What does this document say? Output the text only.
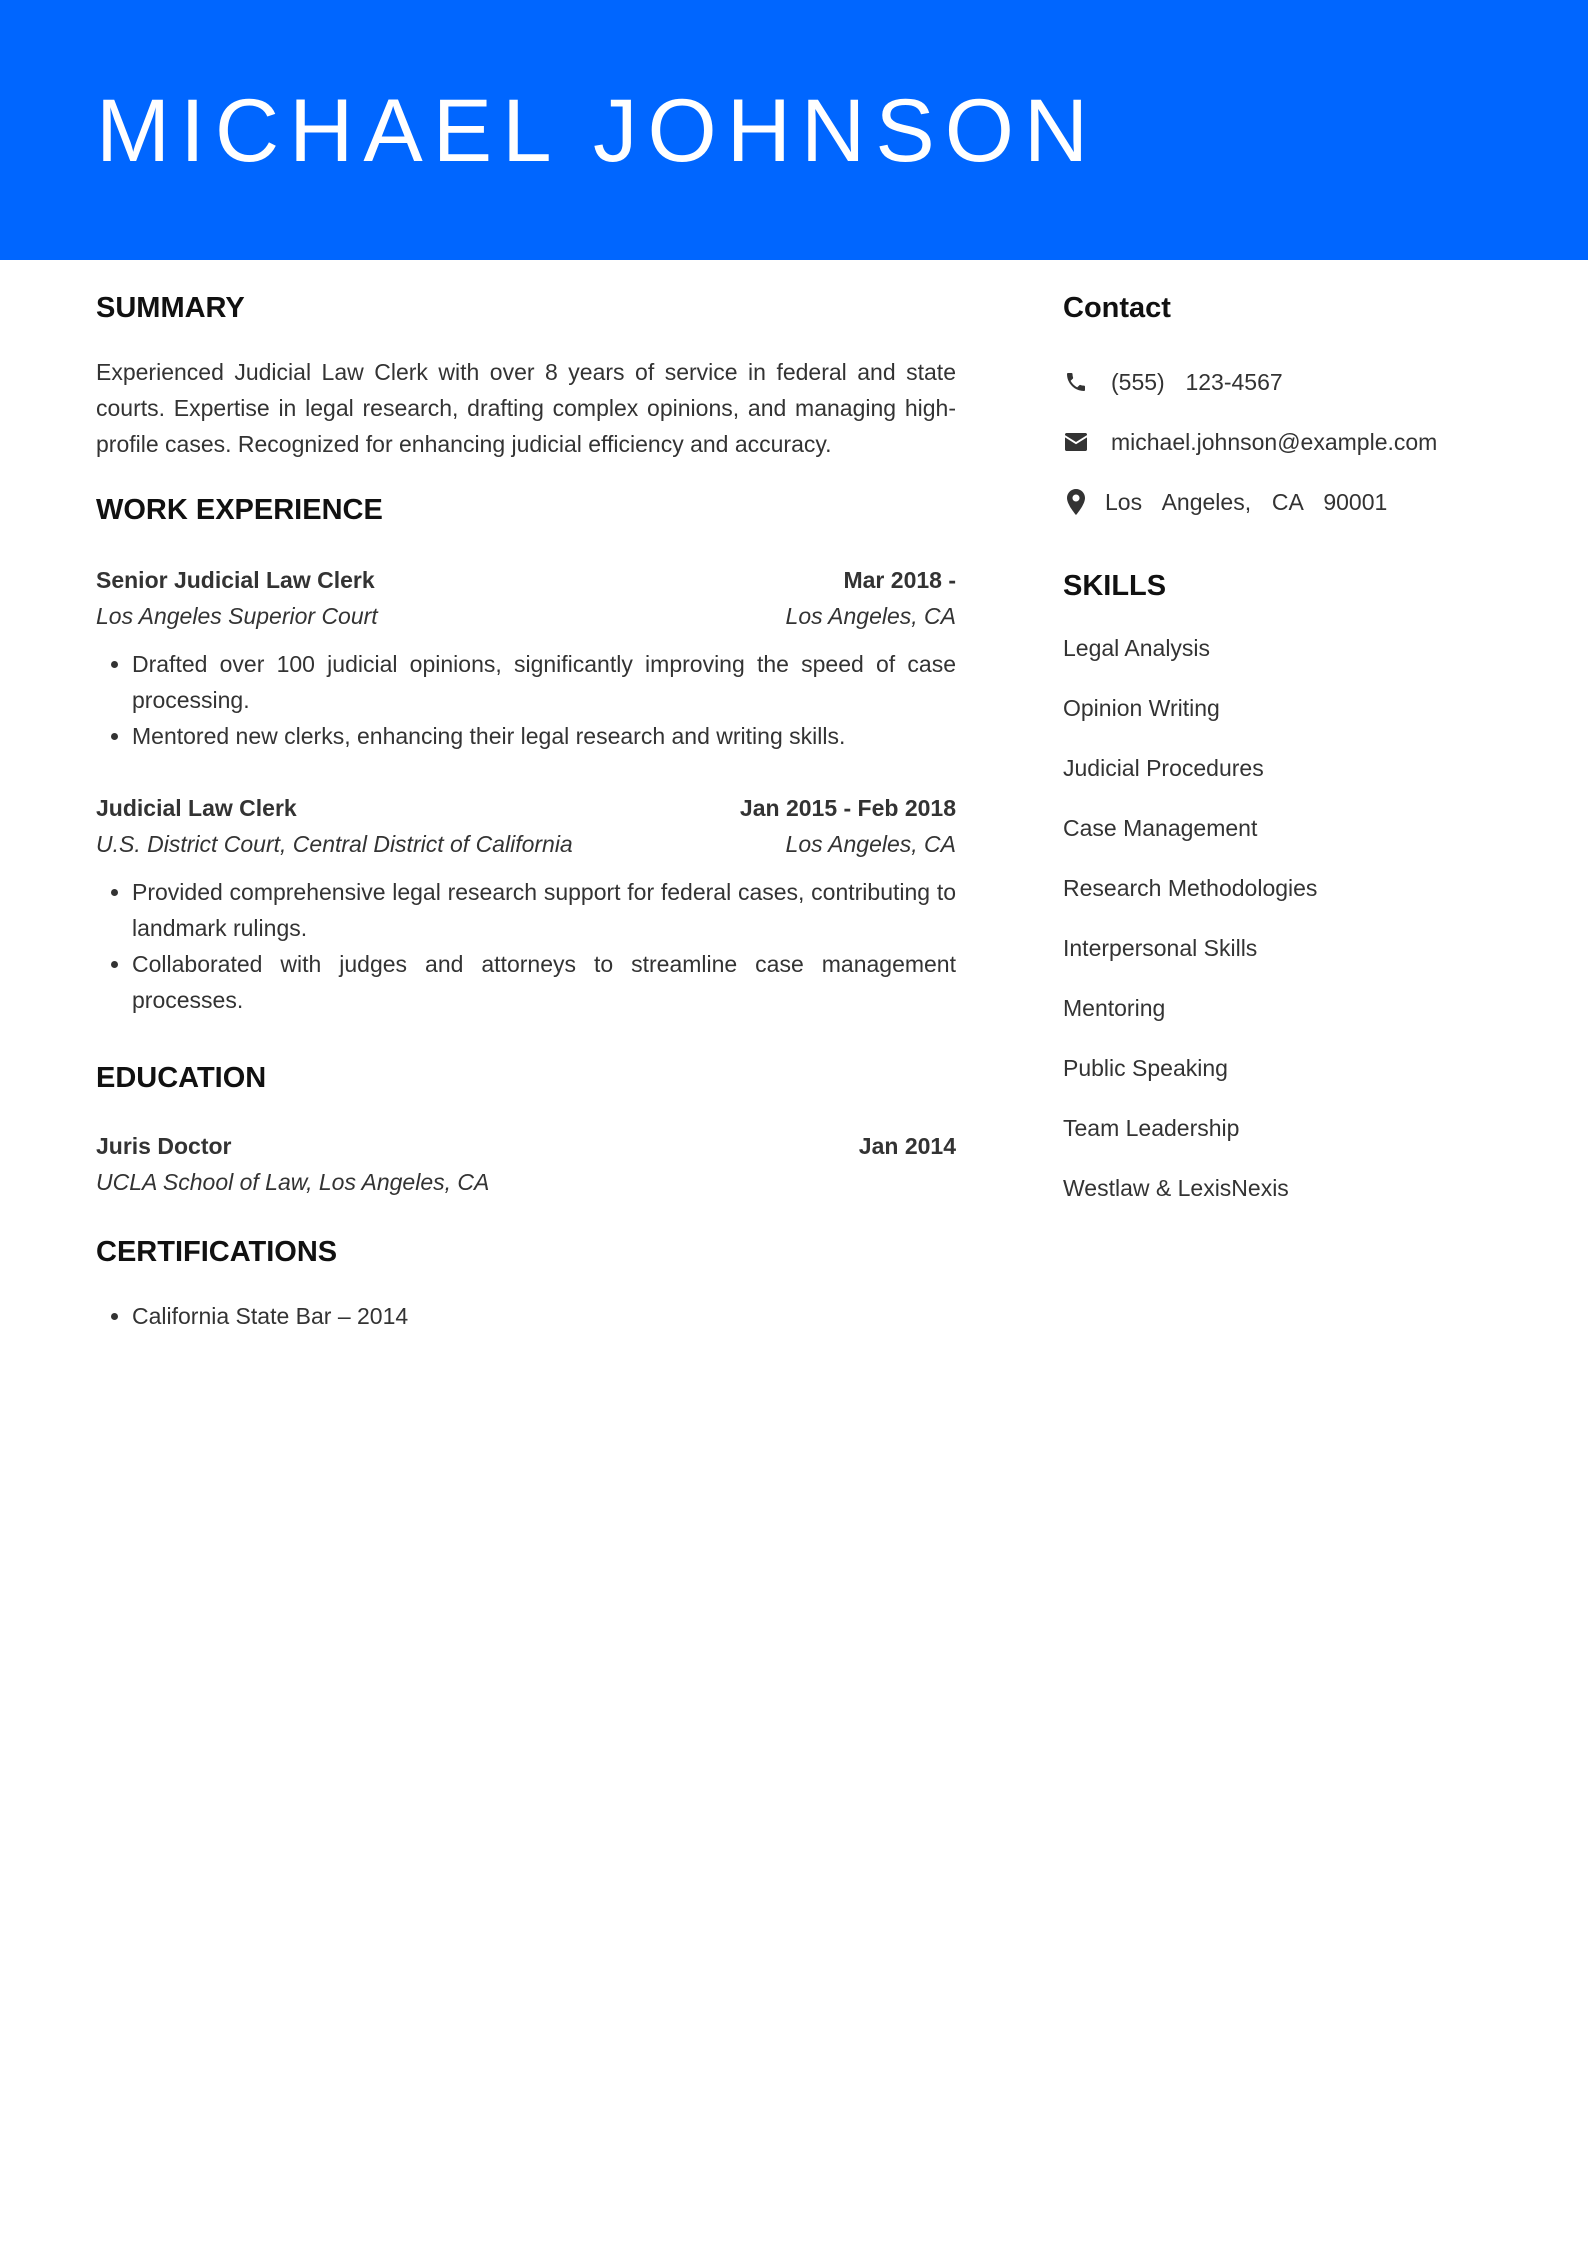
MICHAEL JOHNSON
SUMMARY

Experienced Judicial Law Clerk with over 8 years of service in federal and state courts. Expertise in legal research, drafting complex opinions, and managing high-profile cases. Recognized for enhancing judicial efficiency and accuracy.

WORK EXPERIENCE
Senior Judicial Law Clerk	Mar 2018 -
Los Angeles Superior Court	Los Angeles, CA
• Drafted over 100 judicial opinions, significantly improving the speed of case processing.
• Mentored new clerks, enhancing their legal research and writing skills.
Judicial Law Clerk	Jan 2015 - Feb 2018
U.S. District Court, Central District of California	Los Angeles, CA
• Provided comprehensive legal research support for federal cases, contributing to landmark rulings.
• Collaborated with judges and attorneys to streamline case management processes.
EDUCATION
Juris Doctor	Jan 2014
UCLA School of Law, Los Angeles, CA
CERTIFICATIONS
• California State Bar – 2014
Contact
(555)  123-4567
michael.johnson@example.com
Los  Angeles,  CA  90001
SKILLS
Legal Analysis
Opinion Writing
Judicial Procedures
Case Management
Research Methodologies
Interpersonal Skills
Mentoring
Public Speaking
Team Leadership
Westlaw & LexisNexis
